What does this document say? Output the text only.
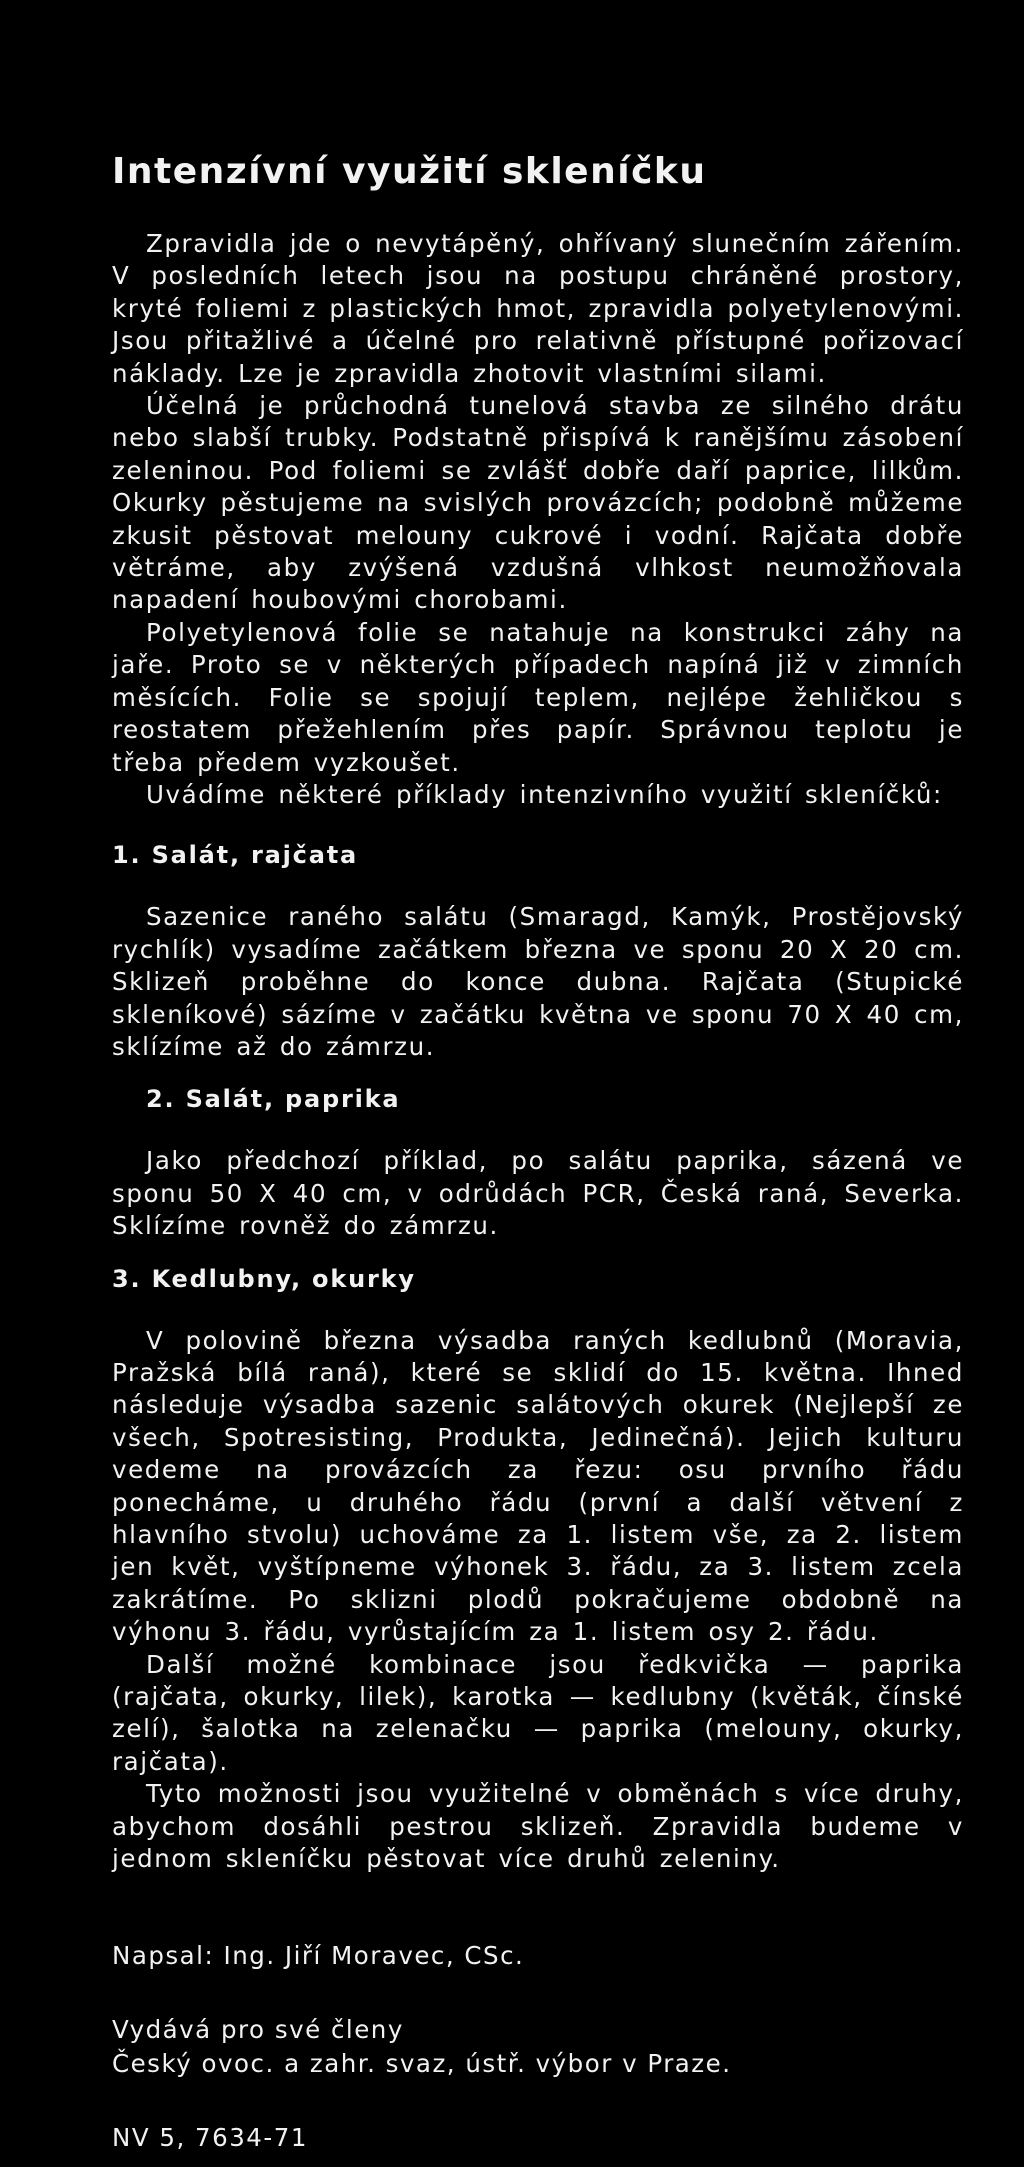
Intenzívní využití skleníčku

Zpravidla jde o nevytápěný, ohřívaný slunečním zářením. V posledních letech jsou na postupu chráněné prostory, kryté foliemi z plastických hmot, zpravidla polyetylenovými. Jsou přitažlivé a účelné pro relativně přístupné pořizovací náklady. Lze je zpravidla zhotovit vlastními silami.

Účelná je průchodná tunelová stavba ze silného drátu nebo slabší trubky. Podstatně přispívá k ranějšímu zásobení zeleninou. Pod foliemi se zvlášť dobře daří paprice, lilkům. Okurky pěstujeme na svislých provázcích; podobně můžeme zkusit pěstovat melouny cukrové i vodní. Rajčata dobře větráme, aby zvýšená vzdušná vlhkost neumožňovala napadení houbovými chorobami.

Polyetylenová folie se natahuje na konstrukci záhy na jaře. Proto se v některých případech napíná již v zimních měsících. Folie se spojují teplem, nejlépe žehličkou s reostatem přežehlením přes papír. Správnou teplotu je třeba předem vyzkoušet.

Uvádíme některé příklady intenzivního využití skleníčků:

1. Salát, rajčata

Sazenice raného salátu (Smaragd, Kamýk, Prostějovský rychlík) vysadíme začátkem března ve sponu 20 X 20 cm. Sklizeň proběhne do konce dubna. Rajčata (Stupické skleníkové) sázíme v začátku května ve sponu 70 X 40 cm, sklízíme až do zámrzu.

2. Salát, paprika

Jako předchozí příklad, po salátu paprika, sázená ve sponu 50 X 40 cm, v odrůdách PCR, Česká raná, Severka. Sklízíme rovněž do zámrzu.

3. Kedlubny, okurky

V polovině března výsadba raných kedlubnů (Moravia, Pražská bílá raná), které se sklidí do 15. května. Ihned následuje výsadba sazenic salátových okurek (Nejlepší ze všech, Spotresisting, Produkta, Jedinečná). Jejich kulturu vedeme na provázcích za řezu: osu prvního řádu ponecháme, u druhého řádu (první a další větvení z hlavního stvolu) uchováme za 1. listem vše, za 2. listem jen květ, vyštípneme výhonek 3. řádu, za 3. listem zcela zakrátíme. Po sklizni plodů pokračujeme obdobně na výhonu 3. řádu, vyrůstajícím za 1. listem osy 2. řádu.

Další možné kombinace jsou ředkvička — paprika (rajčata, okurky, lilek), karotka — kedlubny (květák, čínské zelí), šalotka na zelenačku — paprika (melouny, okurky, rajčata).

Tyto možnosti jsou využitelné v obměnách s více druhy, abychom dosáhli pestrou sklizeň. Zpravidla budeme v jednom skleníčku pěstovat více druhů zeleniny.

Napsal: Ing. Jiří Moravec, CSc.

Vydává pro své členy
Český ovoc. a zahr. svaz, ústř. výbor v Praze.

NV 5, 7634-71
